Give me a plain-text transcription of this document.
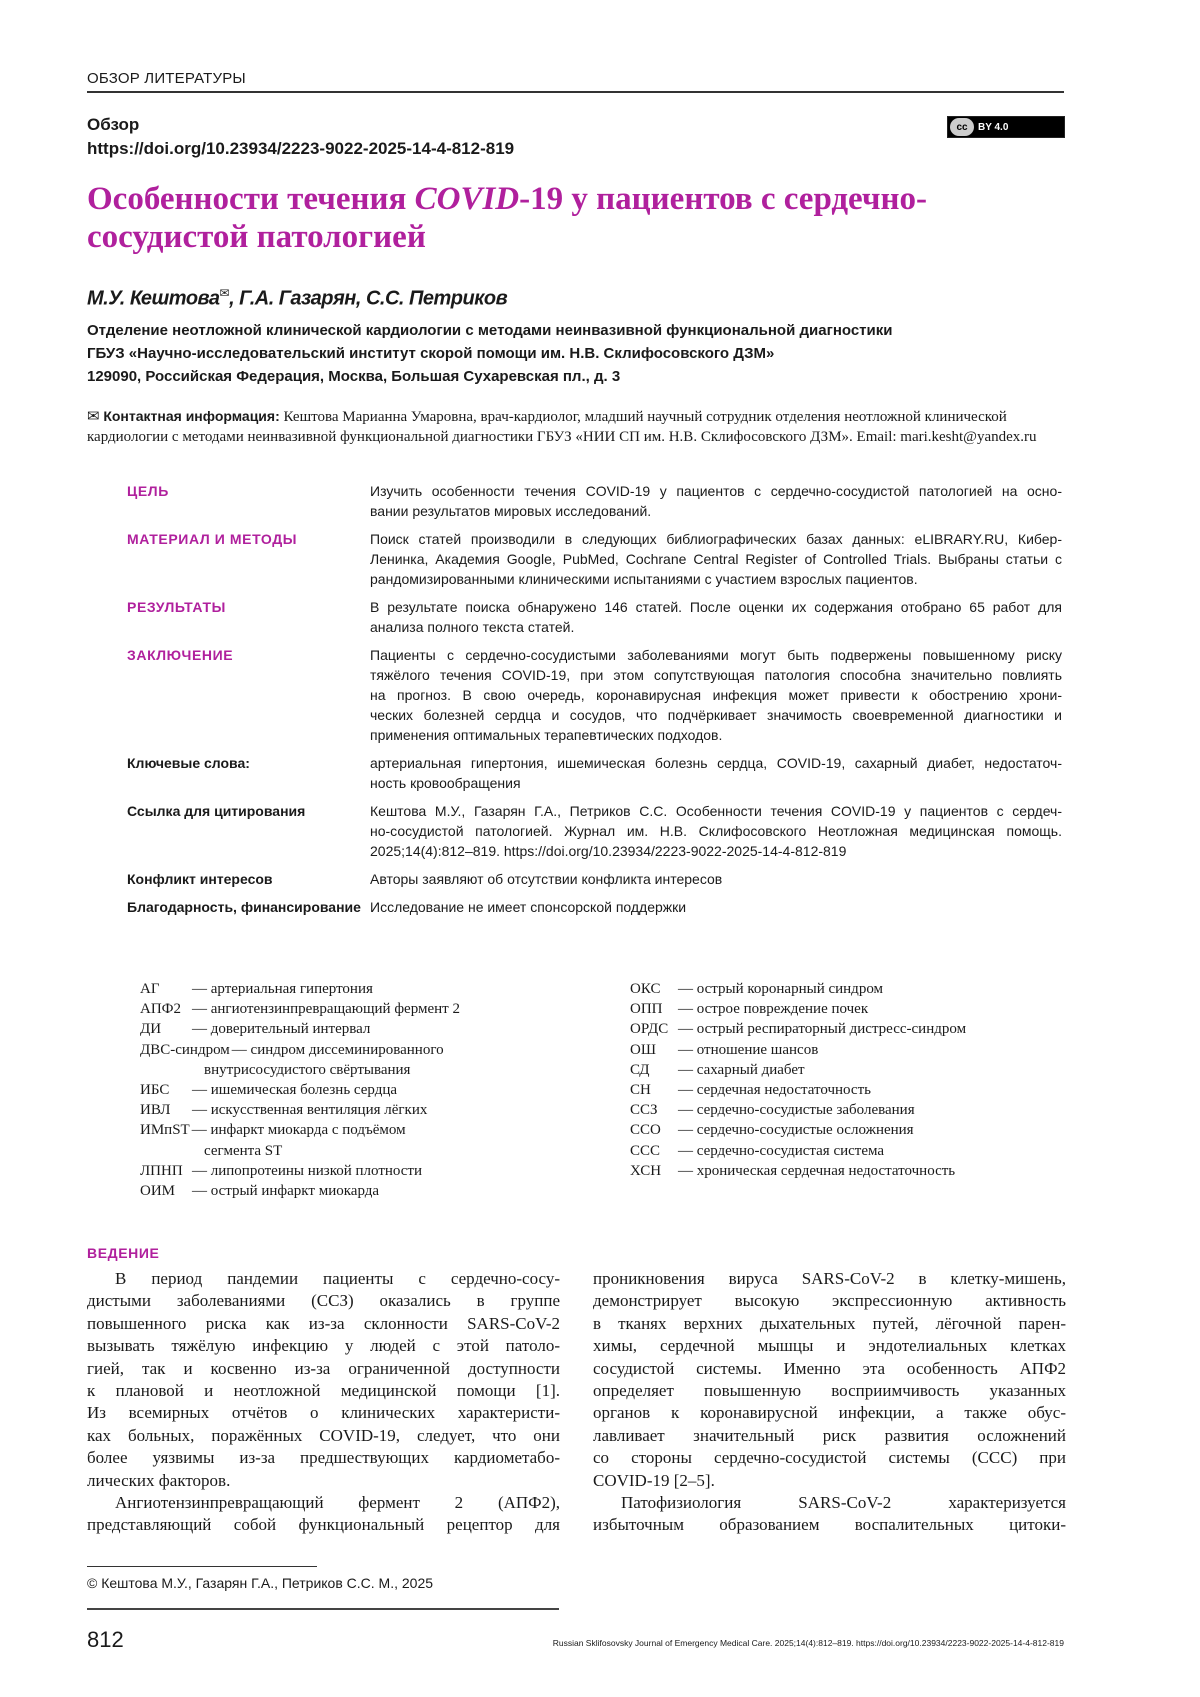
ОБЗОР ЛИТЕРАТУРЫ
Обзор
https://doi.org/10.23934/2223-9022-2025-14-4-812-819
cc	BY 4.0
Особенности течения COVID-19 у пациентов с сердечно-сосудистой патологией
М.У. Кештова✉, Г.А. Газарян, С.С. Петриков
Отделение неотложной клинической кардиологии с методами неинвазивной функциональной диагностики
ГБУЗ «Научно-исследовательский институт скорой помощи им. Н.В. Склифосовского ДЗМ»
129090, Российская Федерация, Москва, Большая Сухаревская пл., д. 3
✉ Контактная информация: Кештова Марианна Умаровна, врач-кардиолог, младший научный сотрудник отделения неотложной клинической кардиологии с методами неинвазивной функциональной диагностики ГБУЗ «НИИ СП им. Н.В. Склифосовского ДЗМ». Email: mari.kesht@yandex.ru
ЦЕЛЬ	Изучить особенности течения COVID-19 у пациентов с сердечно-сосудистой патологией на осно-
вании результатов мировых исследований.
МАТЕРИАЛ И МЕТОДЫ	Поиск статей производили в следующих библиографических базах данных: eLIBRARY.RU, Кибер-
Ленинка, Академия Google, PubMed, Cochrane Central Register of Controlled Trials. Выбраны статьи с
рандомизированными клиническими испытаниями с участием взрослых пациентов.
РЕЗУЛЬТАТЫ	В результате поиска обнаружено 146 статей. После оценки их содержания отобрано 65 работ для
анализа полного текста статей.
ЗАКЛЮЧЕНИЕ	Пациенты с сердечно-сосудистыми заболеваниями могут быть подвержены повышенному риску
тяжёлого течения COVID-19, при этом сопутствующая патология способна значительно повлиять
на прогноз. В свою очередь, коронавирусная инфекция может привести к обострению хрони-
ческих болезней сердца и сосудов, что подчёркивает значимость своевременной диагностики и
применения оптимальных терапевтических подходов.
Ключевые слова:	артериальная гипертония, ишемическая болезнь сердца, COVID-19, сахарный диабет, недостаточ-
ность кровообращения
Ссылка для цитирования	Кештова М.У., Газарян Г.А., Петриков С.С. Особенности течения COVID-19 у пациентов с сердеч-
но-сосудистой патологией. Журнал им. Н.В. Склифосовского Неотложная медицинская помощь.
2025;14(4):812–819. https://doi.org/10.23934/2223-9022-2025-14-4-812-819
Конфликт интересов	Авторы заявляют об отсутствии конфликта интересов
Благодарность, финансирование Исследование не имеет спонсорской поддержки
АГ	— артериальная гипертония
АПФ2 — ангиотензинпревращающий фермент 2
ДИ	— доверительный интервал
ДВС-синдром — синдром диссеминированного
внутрисосудистого свёртывания
ИБС	— ишемическая болезнь сердца
ИВЛ	— искусственная вентиляция лёгких
ИМпST — инфаркт миокарда с подъёмом
сегмента ST
ЛПНП — липопротеины низкой плотности
ОИМ	— острый инфаркт миокарда
ОКС	— острый коронарный синдром
ОПП	— острое повреждение почек
ОРДС — острый респираторный дистресс-синдром
ОШ	— отношение шансов
СД	— сахарный диабет
СН	— сердечная недостаточность
ССЗ	— сердечно-сосудистые заболевания
ССО	— сердечно-сосудистые осложнения
ССС	— сердечно-сосудистая система
ХСН	— хроническая сердечная недостаточность
ВЕДЕНИЕ
В период пандемии пациенты с сердечно-сосу-
дистыми заболеваниями (ССЗ) оказались в группе
повышенного риска как из-за склонности SARS-CoV-2
вызывать тяжёлую инфекцию у людей с этой патоло-
гией, так и косвенно из-за ограниченной доступности
к плановой и неотложной медицинской помощи [1].
Из всемирных отчётов о клинических характеристи-
ках больных, поражённых COVID-19, следует, что они
более уязвимы из-за предшествующих кардиометабо-
лических факторов.
Ангиотензинпревращающий фермент 2 (АПФ2),
представляющий собой функциональный рецептор для
проникновения вируса SARS-CoV-2 в клетку-мишень,
демонстрирует высокую экспрессионную активность
в тканях верхних дыхательных путей, лёгочной парен-
химы, сердечной мышцы и эндотелиальных клетках
сосудистой системы. Именно эта особенность АПФ2
определяет повышенную восприимчивость указанных
органов к коронавирусной инфекции, а также обус-
лавливает значительный риск развития осложнений
со стороны сердечно-сосудистой системы (ССС) при
COVID-19 [2–5].
Патофизиология SARS-CoV-2 характеризуется
избыточным образованием воспалительных цитоки-
© Кештова М.У., Газарян Г.А., Петриков С.С. М., 2025
812	Russian Sklifosovsky Journal of Emergency Medical Care. 2025;14(4):812–819. https://doi.org/10.23934/2223-9022-2025-14-4-812-819
